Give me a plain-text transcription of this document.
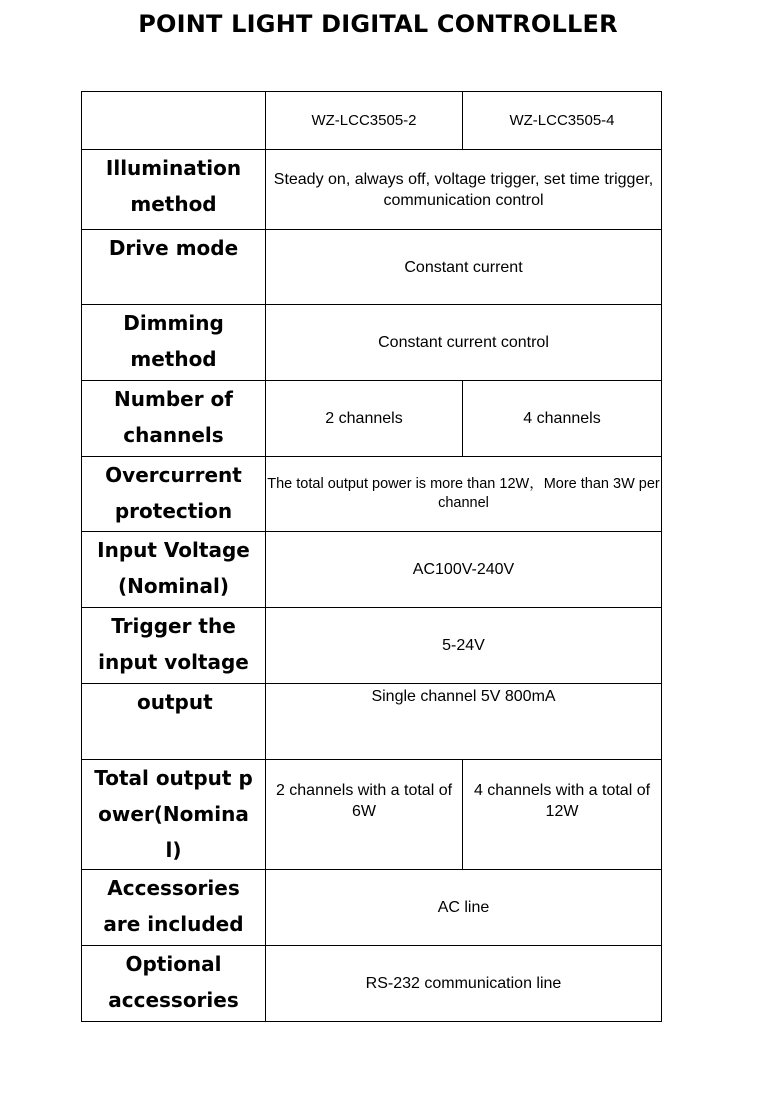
POINT LIGHT DIGITAL CONTROLLER
	WZ-LCC3505-2	WZ-LCC3505-4
Illumination method	Steady on, always off, voltage trigger, set time trigger, communication control	
Drive mode	Constant current	
Dimming method	Constant current control	
Number of channels	2 channels	4 channels
Overcurrent protection	The total output power is more than 12W，More than 3W per channel	
Input Voltage (Nominal)	AC100V-240V	
Trigger the input voltage	5-24V	
output	Single channel 5V 800mA	
Total output power(Nominal)	2 channels with a total of 6W	4 channels with a total of 12W
Accessories are included	AC line	
Optional accessories	RS-232 communication line	
